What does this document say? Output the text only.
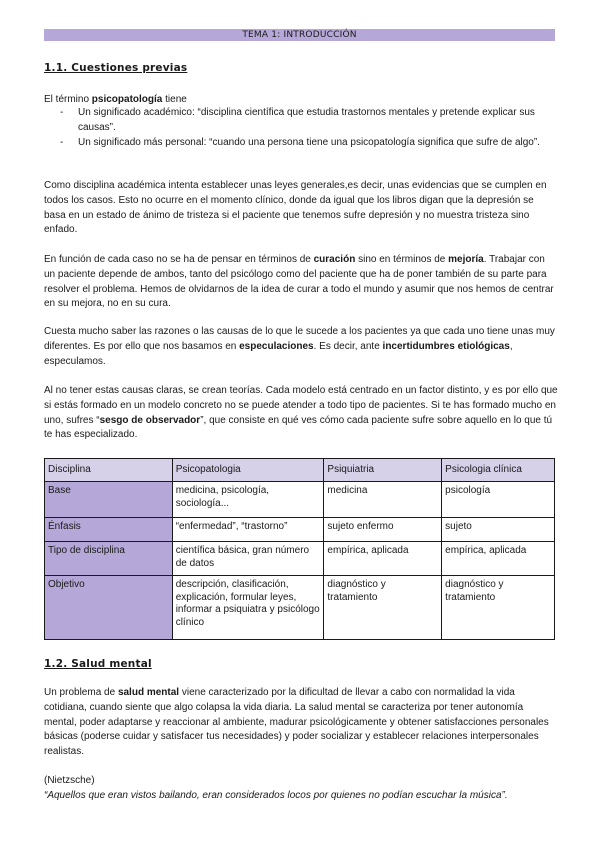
TEMA 1: INTRODUCCIÓN
1.1. Cuestiones previas

El término psicopatología tiene

- Un significado académico: “disciplina científica que estudia trastornos mentales y pretende explicar sus causas”.
- Un significado más personal: “cuando una persona tiene una psicopatología significa que sufre de algo”.

Como disciplina académica intenta establecer unas leyes generales,es decir, unas evidencias que se cumplen en todos los casos. Esto no ocurre en el momento clínico, donde da igual que los libros digan que la depresión se basa en un estado de ánimo de tristeza si el paciente que tenemos sufre depresión y no muestra tristeza sino enfado.

En función de cada caso no se ha de pensar en términos de curación sino en términos de mejoría. Trabajar con un paciente depende de ambos, tanto del psicólogo como del paciente que ha de poner también de su parte para resolver el problema. Hemos de olvidarnos de la idea de curar a todo el mundo y asumir que nos hemos de centrar en su mejora, no en su cura.

Cuesta mucho saber las razones o las causas de lo que le sucede a los pacientes ya que cada uno tiene unas muy diferentes. Es por ello que nos basamos en especulaciones. Es decir, ante incertidumbres etiológicas, especulamos.

Al no tener estas causas claras, se crean teorías. Cada modelo está centrado en un factor distinto, y es por ello que si estás formado en un modelo concreto no se puede atender a todo tipo de pacientes. Si te has formado mucho en uno, sufres “sesgo de observador”, que consiste en qué ves cómo cada paciente sufre sobre aquello en lo que tú te has especializado.

Disciplina	Psicopatologia	Psiquiatria	Psicologia clínica
Base	medicina, psicología, sociología...	medicina	psicología
Énfasis	“enfermedad”, “trastorno”	sujeto enfermo	sujeto
Tipo de disciplina	científica básica, gran número de datos	empírica, aplicada	empírica, aplicada
Objetivo	descripción, clasificación, explicación, formular leyes, informar a psiquiatra y psicólogo clínico	diagnóstico y tratamiento	diagnóstico y tratamiento
1.2. Salud mental

Un problema de salud mental viene caracterizado por la dificultad de llevar a cabo con normalidad la vida cotidiana, cuando siente que algo colapsa la vida diaria. La salud mental se caracteriza por tener autonomía mental, poder adaptarse y reaccionar al ambiente, madurar psicológicamente y obtener satisfacciones personales básicas (poderse cuidar y satisfacer tus necesidades) y poder socializar y establecer relaciones interpersonales realistas.

(Nietzsche)
“Aquellos que eran vistos bailando, eran considerados locos por quienes no podían escuchar la música”.
